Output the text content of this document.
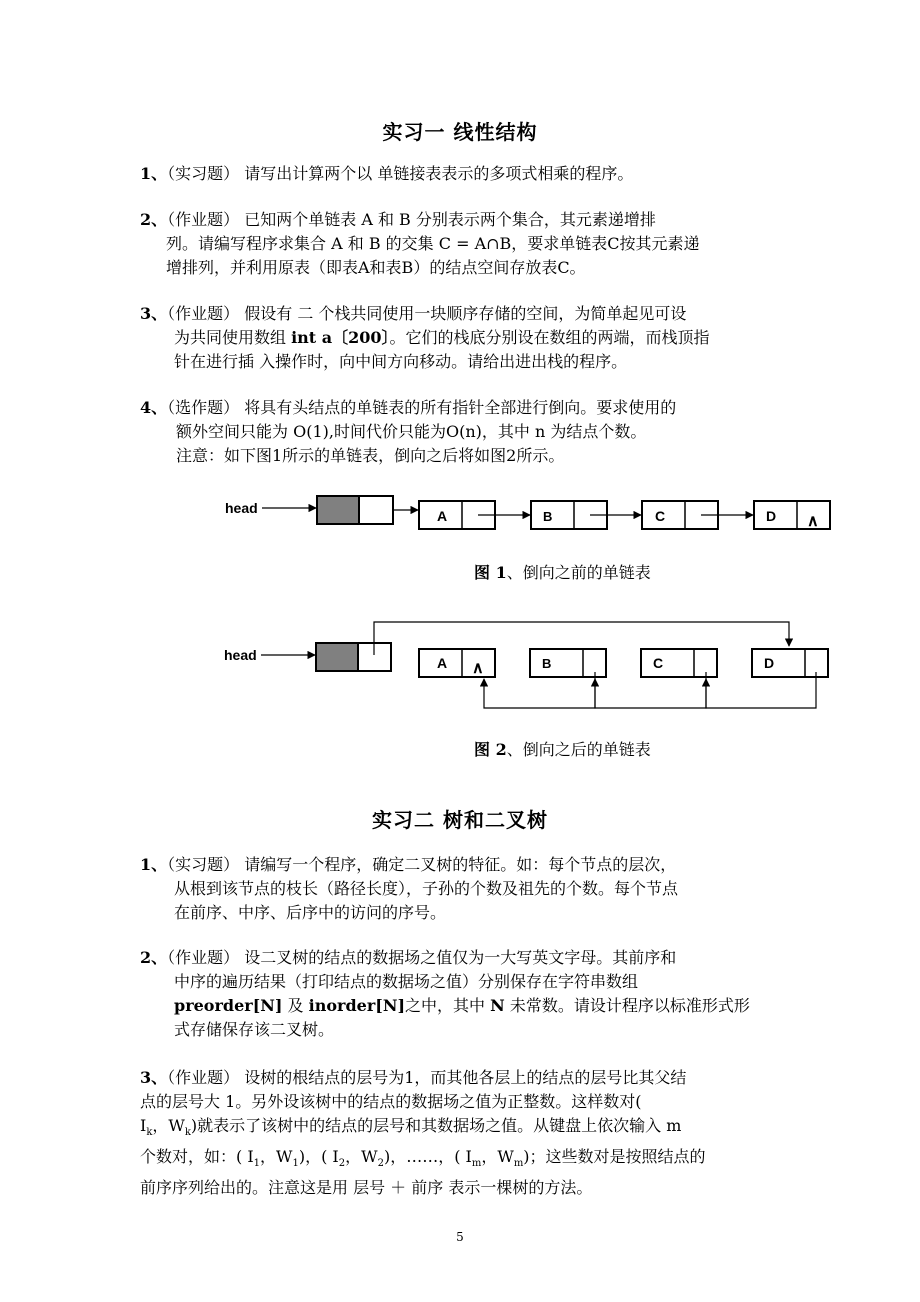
实习一 线性结构
1、（实习题） 请写出计算两个以 单链接表表示的多项式相乘的程序。
2、（作业题） 已知两个单链表 A 和 B 分别表示两个集合，其元素递增排
列。请编写程序求集合 A 和 B 的交集 C = A∩B，要求单链表C按其元素递
增排列，并利用原表（即表A和表B）的结点空间存放表C。
3、（作业题） 假设有 二 个栈共同使用一块顺序存储的空间，为简单起见可设
为共同使用数组 int a〔200〕。它们的栈底分别设在数组的两端，而栈顶指
针在进行插 入操作时，向中间方向移动。请给出进出栈的程序。
4、（选作题） 将具有头结点的单链表的所有指针全部进行倒向。要求使用的
额外空间只能为 O(1),时间代价只能为O(n)，其中 n 为结点个数。
注意：如下图1所示的单链表，倒向之后将如图2所示。
head	A	B	C	D ∧
图 1、倒向之前的单链表
head	A ∧	B	C	D
图 2、倒向之后的单链表
实习二 树和二叉树
1、（实习题） 请编写一个程序，确定二叉树的特征。如：每个节点的层次，
从根到该节点的枝长（路径长度），子孙的个数及祖先的个数。每个节点
在前序、中序、后序中的访问的序号。
2、（作业题） 设二叉树的结点的数据场之值仅为一大写英文字母。其前序和
中序的遍历结果（打印结点的数据场之值）分别保存在字符串数组
preorder[N] 及 inorder[N]之中，其中 N 未常数。请设计程序以标准形式形
式存储保存该二叉树。
3、（作业题） 设树的根结点的层号为1，而其他各层上的结点的层号比其父结
点的层号大 1。另外设该树中的结点的数据场之值为正整数。这样数对(
$I_k$，$W_k$)就表示了该树中的结点的层号和其数据场之值。从键盘上依次输入 m
个数对，如：( $I_1$，$W_1$)，( $I_2$，$W_2$)，……，( $I_m$，$W_m$)；这些数对是按照结点的
前序序列给出的。注意这是用 层号 ＋ 前序 表示一棵树的方法。
5
